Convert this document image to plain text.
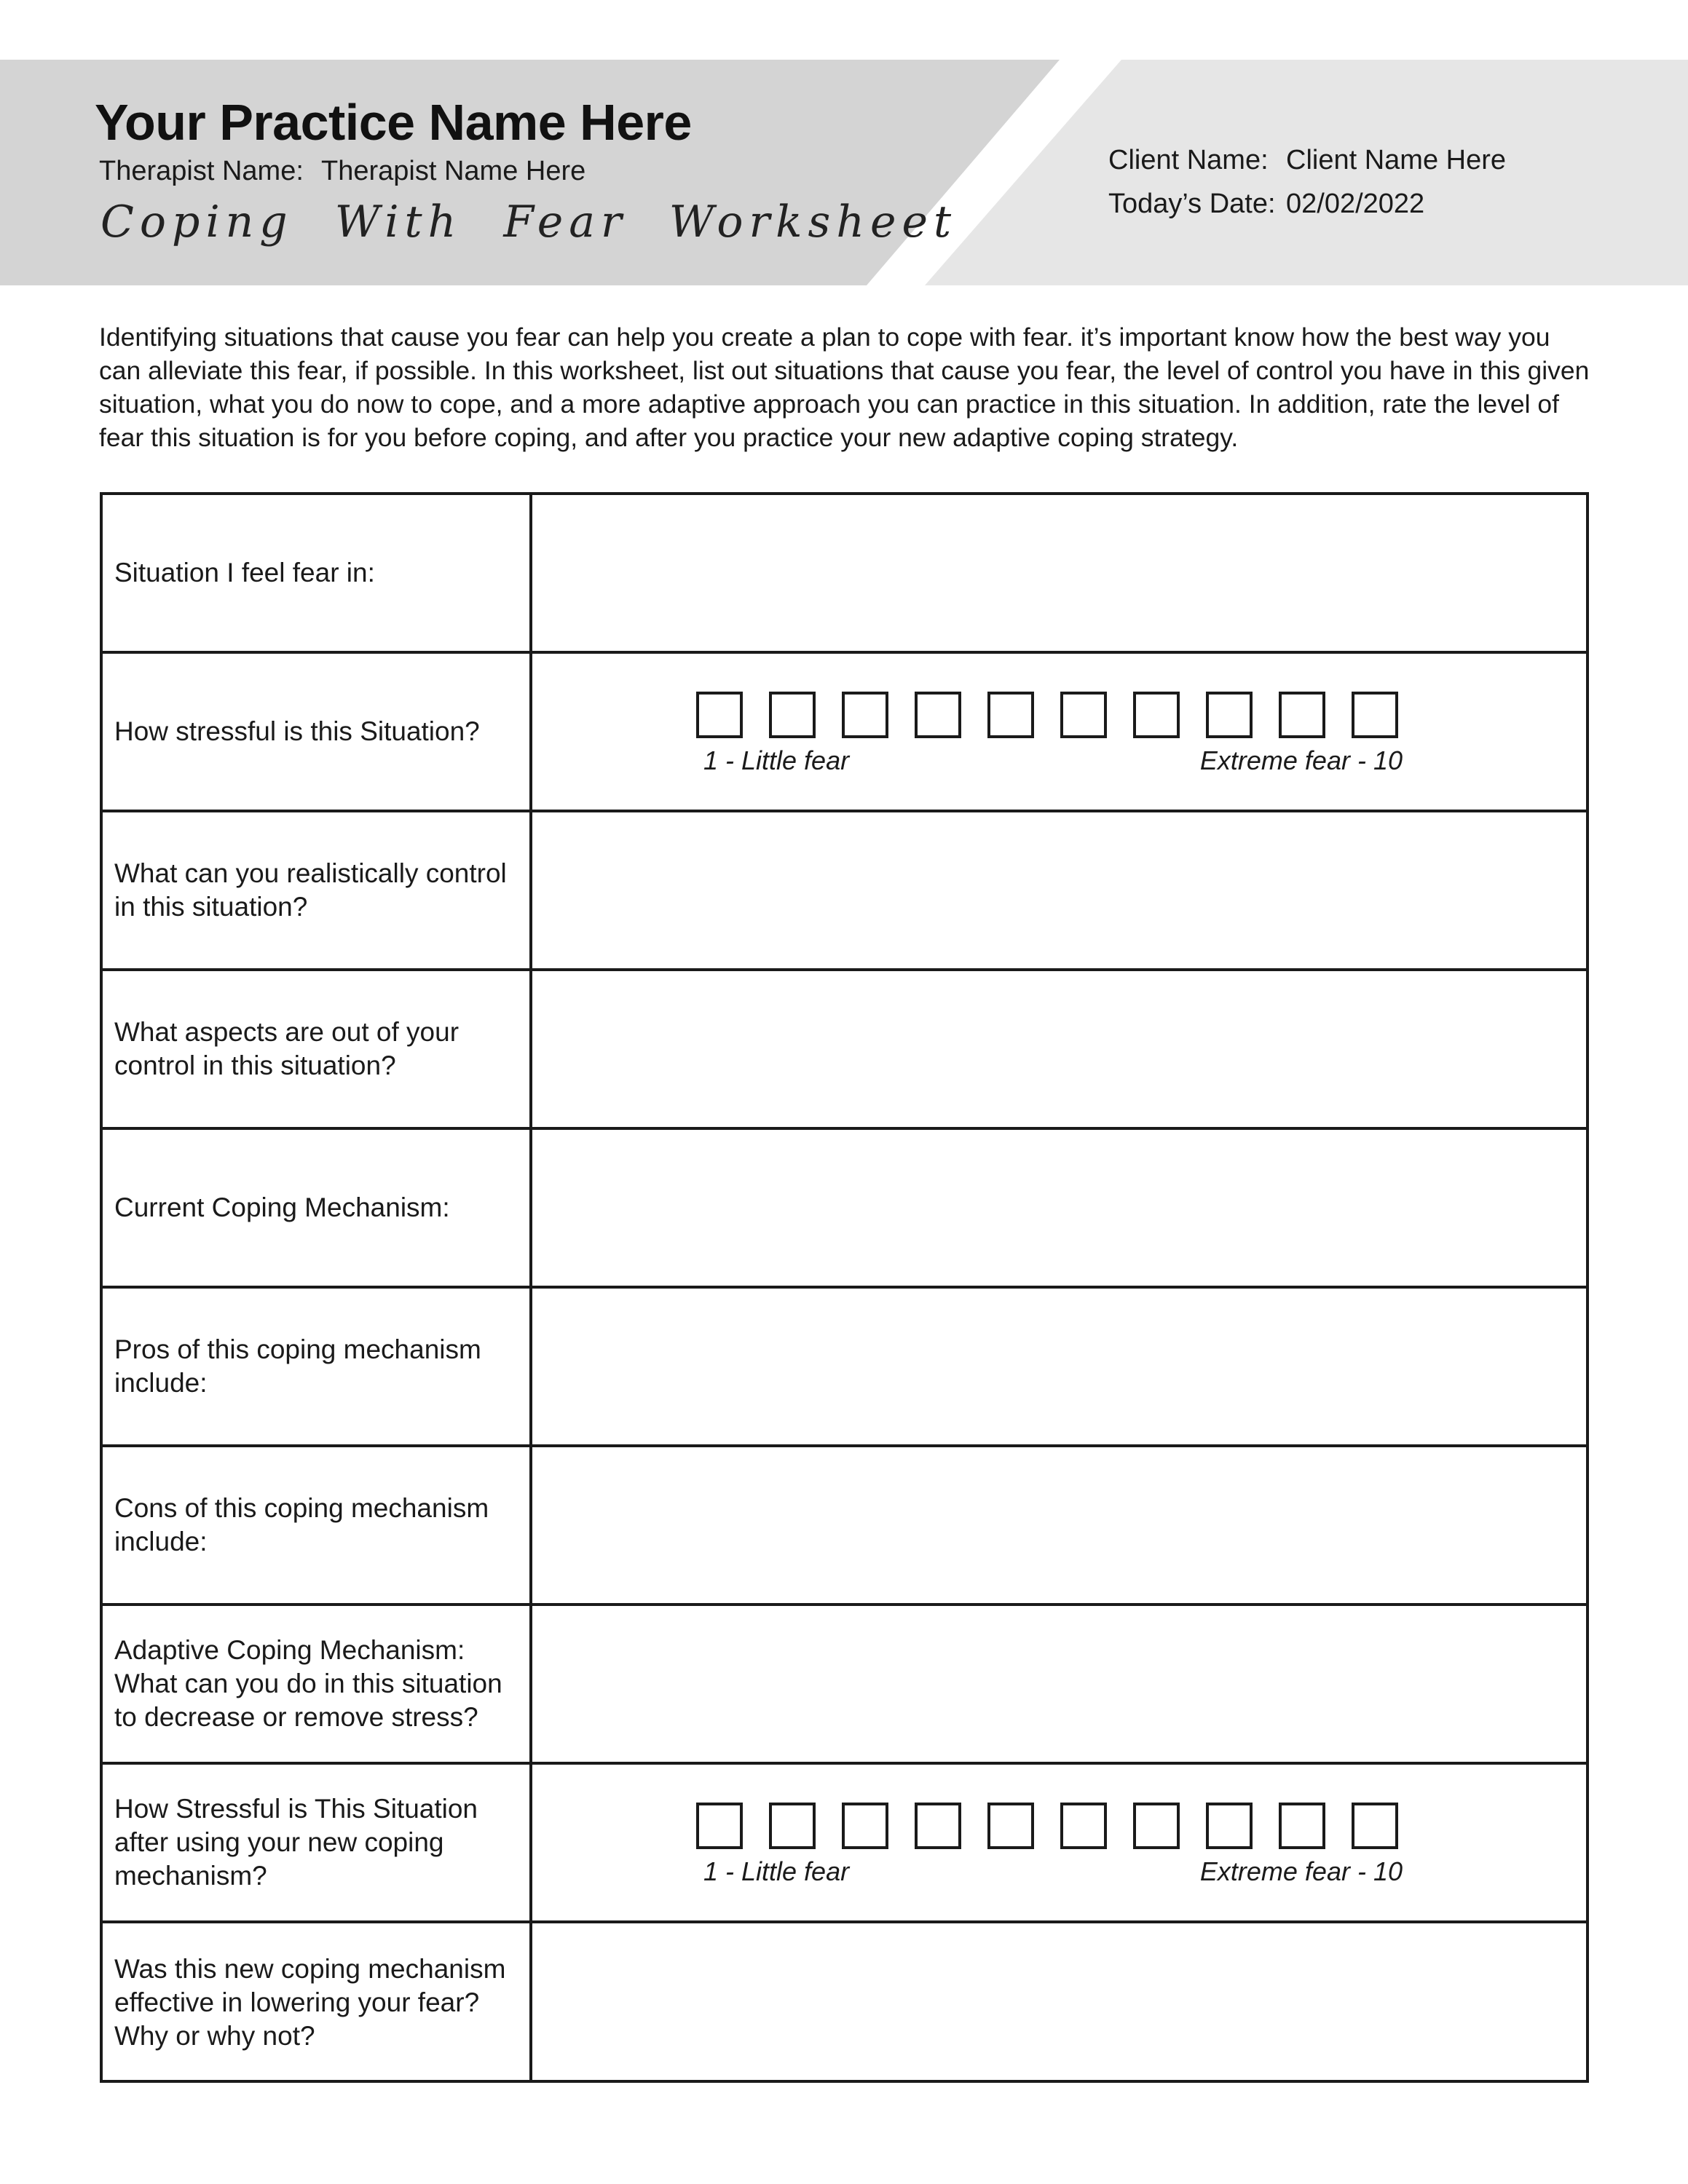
Your Practice Name Here
Therapist Name: Therapist Name Here
Coping With Fear Worksheet
Client Name: Client Name Here
Today’s Date: 02/02/2022
Identifying situations that cause you fear can help you create a plan to cope with fear. it’s important know how the best way you can alleviate this fear, if possible. In this worksheet, list out situations that cause you fear, the level of control you have in this given situation, what you do now to cope, and a more adaptive approach you can practice in this situation. In addition, rate the level of fear this situation is for you before coping, and after you practice your new adaptive coping strategy.
Situation I feel fear in:
How stressful is this Situation?
1 - Little fear	Extreme fear - 10
What can you realistically control
in this situation?
What aspects are out of your
control in this situation?
Current Coping Mechanism:
Pros of this coping mechanism
include:
Cons of this coping mechanism
include:
Adaptive Coping Mechanism:
What can you do in this situation
to decrease or remove stress?
How Stressful is This Situation
after using your new coping
mechanism?	1 - Little fear	Extreme fear - 10
Was this new coping mechanism
effective in lowering your fear?
Why or why not?
